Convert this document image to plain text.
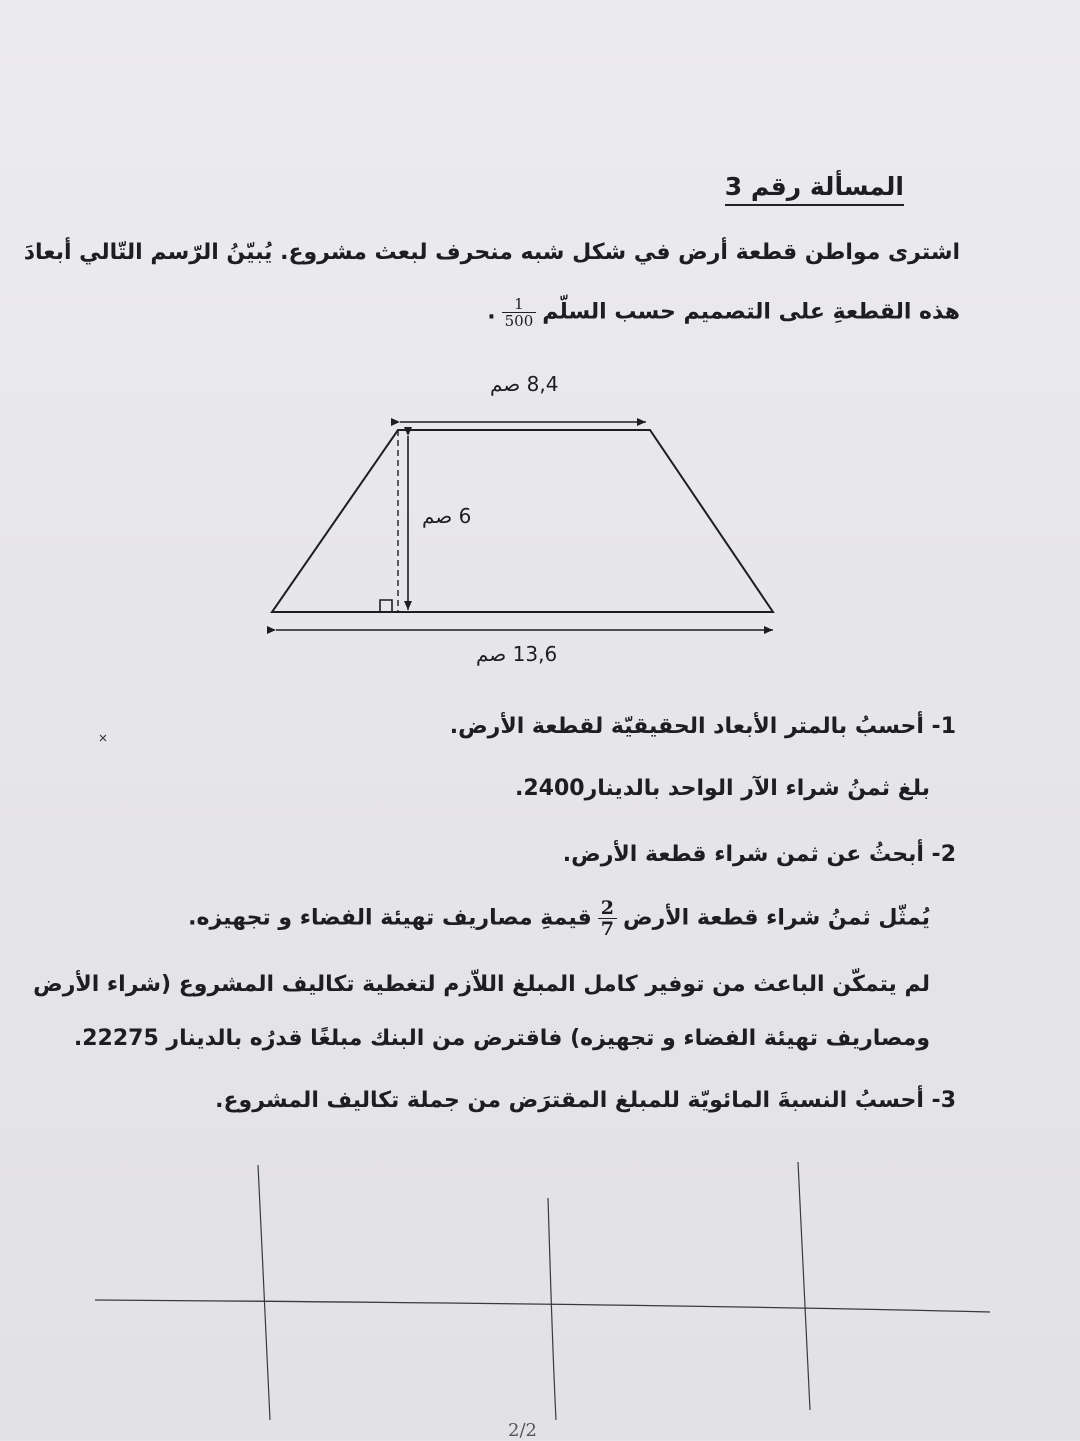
المسألة رقم 3
اشترى مواطن قطعة أرض في شكل شبه منحرف لبعث مشروع. يُبيّنُ الرّسم التّالي أبعادَ
هذه القطعةِ على التصميم حسب السلّم
$\frac{1}{500}$
.
8,4 صم
6 صم
13,6 صم
1- أحسبُ بالمتر الأبعاد الحقيقيّة لقطعة الأرض.
بلغ ثمنُ شراء الآر الواحد بالدينار2400.
2- أبحثُ عن ثمن شراء قطعة الأرض.
يُمثّل ثمنُ شراء قطعة الأرض
$\frac{2}{7}$
قيمةِ مصاريف تهيئة الفضاء و تجهيزه.
لم يتمكّن الباعث من توفير كامل المبلغ اللاّزم لتغطية تكاليف المشروع (شراء الأرض
ومصاريف تهيئة الفضاء و تجهيزه) فاقترض من البنك مبلغًا قدرُه بالدينار 22275.
3- أحسبُ النسبةَ المائويّة للمبلغ المقترَض من جملة تكاليف المشروع.
2/2
